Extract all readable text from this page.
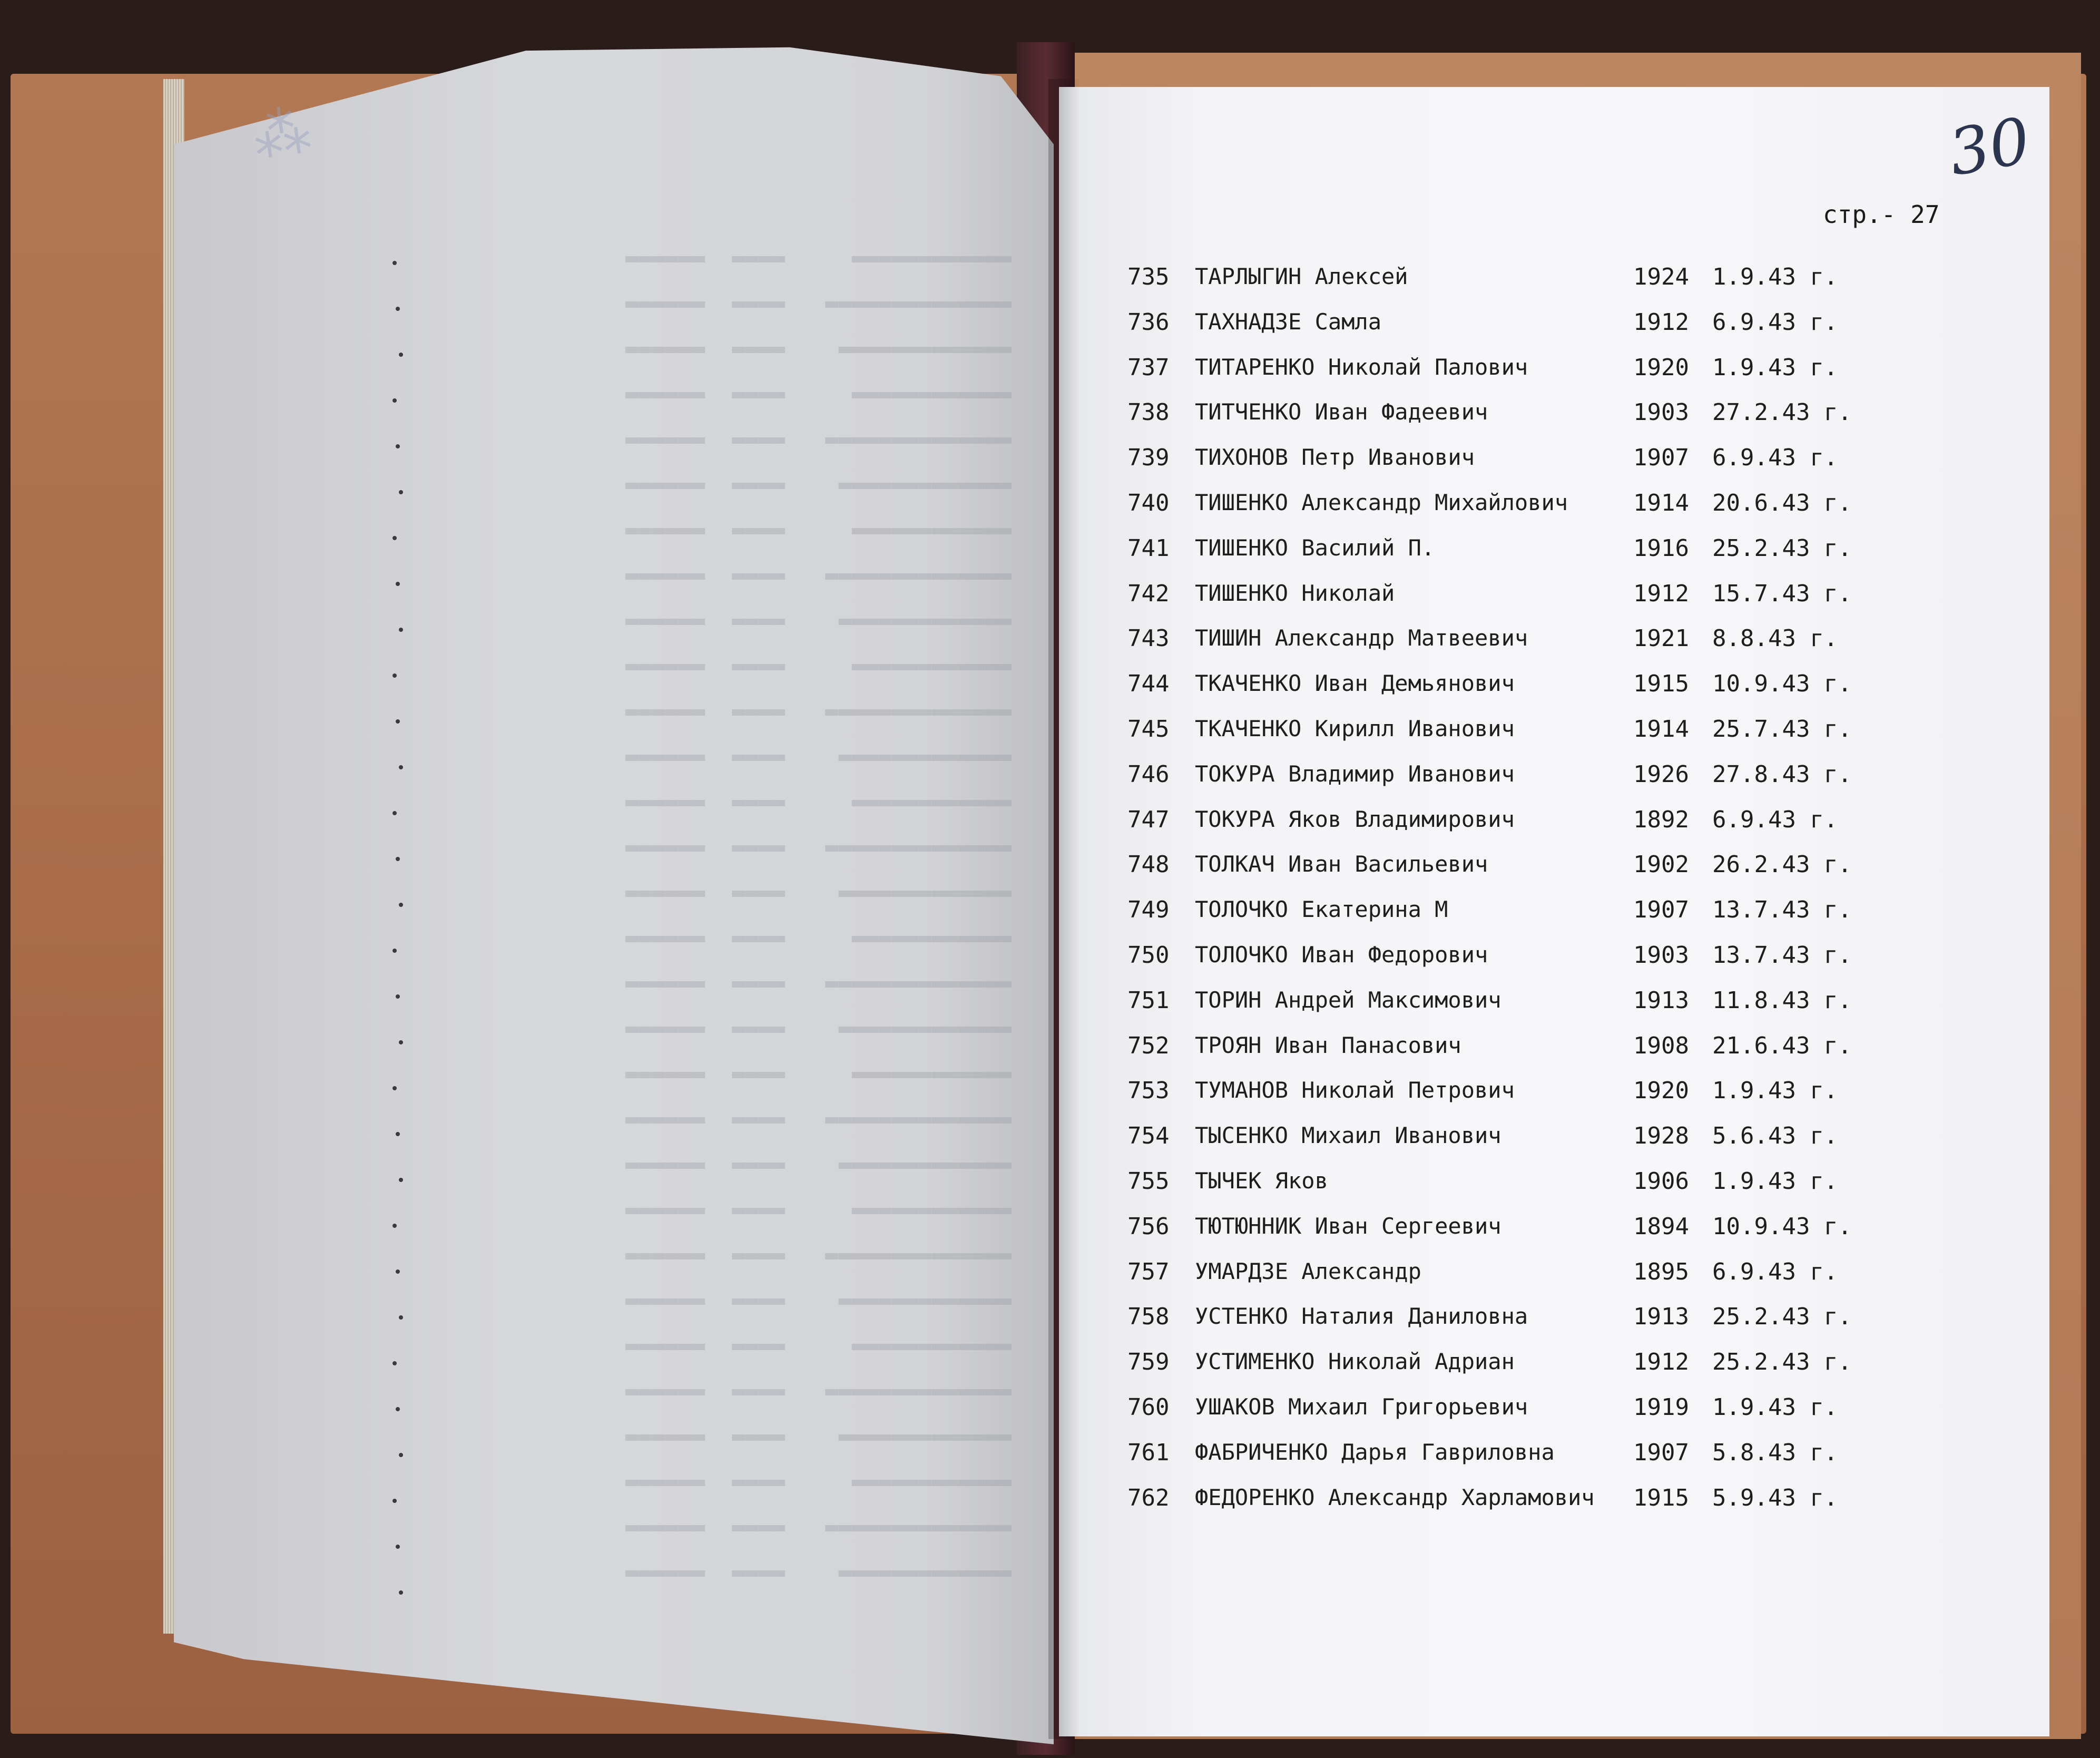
⁂

▬▬▬▬▬▬▬▬▬▬▬▬     ▬▬▬▬  ▬▬▬▬▬▬
▬▬▬▬▬▬▬▬▬▬▬▬▬▬   ▬▬▬▬  ▬▬▬▬▬▬
▬▬▬▬▬▬▬▬▬▬▬▬▬    ▬▬▬▬  ▬▬▬▬▬▬
▬▬▬▬▬▬▬▬▬▬▬▬     ▬▬▬▬  ▬▬▬▬▬▬
▬▬▬▬▬▬▬▬▬▬▬▬▬▬   ▬▬▬▬  ▬▬▬▬▬▬
▬▬▬▬▬▬▬▬▬▬▬▬▬    ▬▬▬▬  ▬▬▬▬▬▬
▬▬▬▬▬▬▬▬▬▬▬▬     ▬▬▬▬  ▬▬▬▬▬▬
▬▬▬▬▬▬▬▬▬▬▬▬▬▬   ▬▬▬▬  ▬▬▬▬▬▬
▬▬▬▬▬▬▬▬▬▬▬▬▬    ▬▬▬▬  ▬▬▬▬▬▬
▬▬▬▬▬▬▬▬▬▬▬▬     ▬▬▬▬  ▬▬▬▬▬▬
▬▬▬▬▬▬▬▬▬▬▬▬▬▬   ▬▬▬▬  ▬▬▬▬▬▬
▬▬▬▬▬▬▬▬▬▬▬▬▬    ▬▬▬▬  ▬▬▬▬▬▬
▬▬▬▬▬▬▬▬▬▬▬▬     ▬▬▬▬  ▬▬▬▬▬▬
▬▬▬▬▬▬▬▬▬▬▬▬▬▬   ▬▬▬▬  ▬▬▬▬▬▬
▬▬▬▬▬▬▬▬▬▬▬▬▬    ▬▬▬▬  ▬▬▬▬▬▬
▬▬▬▬▬▬▬▬▬▬▬▬     ▬▬▬▬  ▬▬▬▬▬▬
▬▬▬▬▬▬▬▬▬▬▬▬▬▬   ▬▬▬▬  ▬▬▬▬▬▬
▬▬▬▬▬▬▬▬▬▬▬▬▬    ▬▬▬▬  ▬▬▬▬▬▬
▬▬▬▬▬▬▬▬▬▬▬▬     ▬▬▬▬  ▬▬▬▬▬▬
▬▬▬▬▬▬▬▬▬▬▬▬▬▬   ▬▬▬▬  ▬▬▬▬▬▬
▬▬▬▬▬▬▬▬▬▬▬▬▬    ▬▬▬▬  ▬▬▬▬▬▬
▬▬▬▬▬▬▬▬▬▬▬▬     ▬▬▬▬  ▬▬▬▬▬▬
▬▬▬▬▬▬▬▬▬▬▬▬▬▬   ▬▬▬▬  ▬▬▬▬▬▬
▬▬▬▬▬▬▬▬▬▬▬▬▬    ▬▬▬▬  ▬▬▬▬▬▬
▬▬▬▬▬▬▬▬▬▬▬▬     ▬▬▬▬  ▬▬▬▬▬▬
▬▬▬▬▬▬▬▬▬▬▬▬▬▬   ▬▬▬▬  ▬▬▬▬▬▬
▬▬▬▬▬▬▬▬▬▬▬▬▬    ▬▬▬▬  ▬▬▬▬▬▬
▬▬▬▬▬▬▬▬▬▬▬▬     ▬▬▬▬  ▬▬▬▬▬▬
▬▬▬▬▬▬▬▬▬▬▬▬▬▬   ▬▬▬▬  ▬▬▬▬▬▬
▬▬▬▬▬▬▬▬▬▬▬▬▬    ▬▬▬▬  ▬▬▬▬▬▬

30
стр.- 27
735 ТАРЛЫГИН Алексей	1924 1.9.43 г.
736 ТАХНАДЗЕ Самла	1912 6.9.43 г.
737 ТИТАРЕНКО Николай Палович	1920 1.9.43 г.
738 ТИТЧЕНКО Иван Фадеевич	1903 27.2.43 г.
739 ТИХОНОВ Петр Иванович	1907 6.9.43 г.
740 ТИШЕНКО Александр Михайлович	1914 20.6.43 г.
741 ТИШЕНКО Василий П.	1916 25.2.43 г.
742 ТИШЕНКО Николай	1912 15.7.43 г.
743 ТИШИН Александр Матвеевич	1921 8.8.43 г.
744 ТКАЧЕНКО Иван Демьянович	1915 10.9.43 г.
745 ТКАЧЕНКО Кирилл Иванович	1914 25.7.43 г.
746 ТОКУРА Владимир Иванович	1926 27.8.43 г.
747 ТОКУРА Яков Владимирович	1892 6.9.43 г.
748 ТОЛКАЧ Иван Васильевич	1902 26.2.43 г.
749 ТОЛОЧКО Екатерина М	1907 13.7.43 г.
750 ТОЛОЧКО Иван Федорович	1903 13.7.43 г.
751 ТОРИН Андрей Максимович	1913 11.8.43 г.
752 ТРОЯН Иван Панасович	1908 21.6.43 г.
753 ТУМАНОВ Николай Петрович	1920 1.9.43 г.
754 ТЫСЕНКО Михаил Иванович	1928 5.6.43 г.
755 ТЫЧЕК Яков	1906 1.9.43 г.
756 ТЮТЮННИК Иван Сергеевич	1894 10.9.43 г.
757 УМАРДЗЕ Александр	1895 6.9.43 г.
758 УСТЕНКО Наталия Даниловна	1913 25.2.43 г.
759 УСТИМЕНКО Николай Адриан	1912 25.2.43 г.
760 УШАКОВ Михаил Григорьевич	1919 1.9.43 г.
761 ФАБРИЧЕНКО Дарья Гавриловна	1907 5.8.43 г.
762 ФЕДОРЕНКО Александр Харламович 1915 5.9.43 г.
